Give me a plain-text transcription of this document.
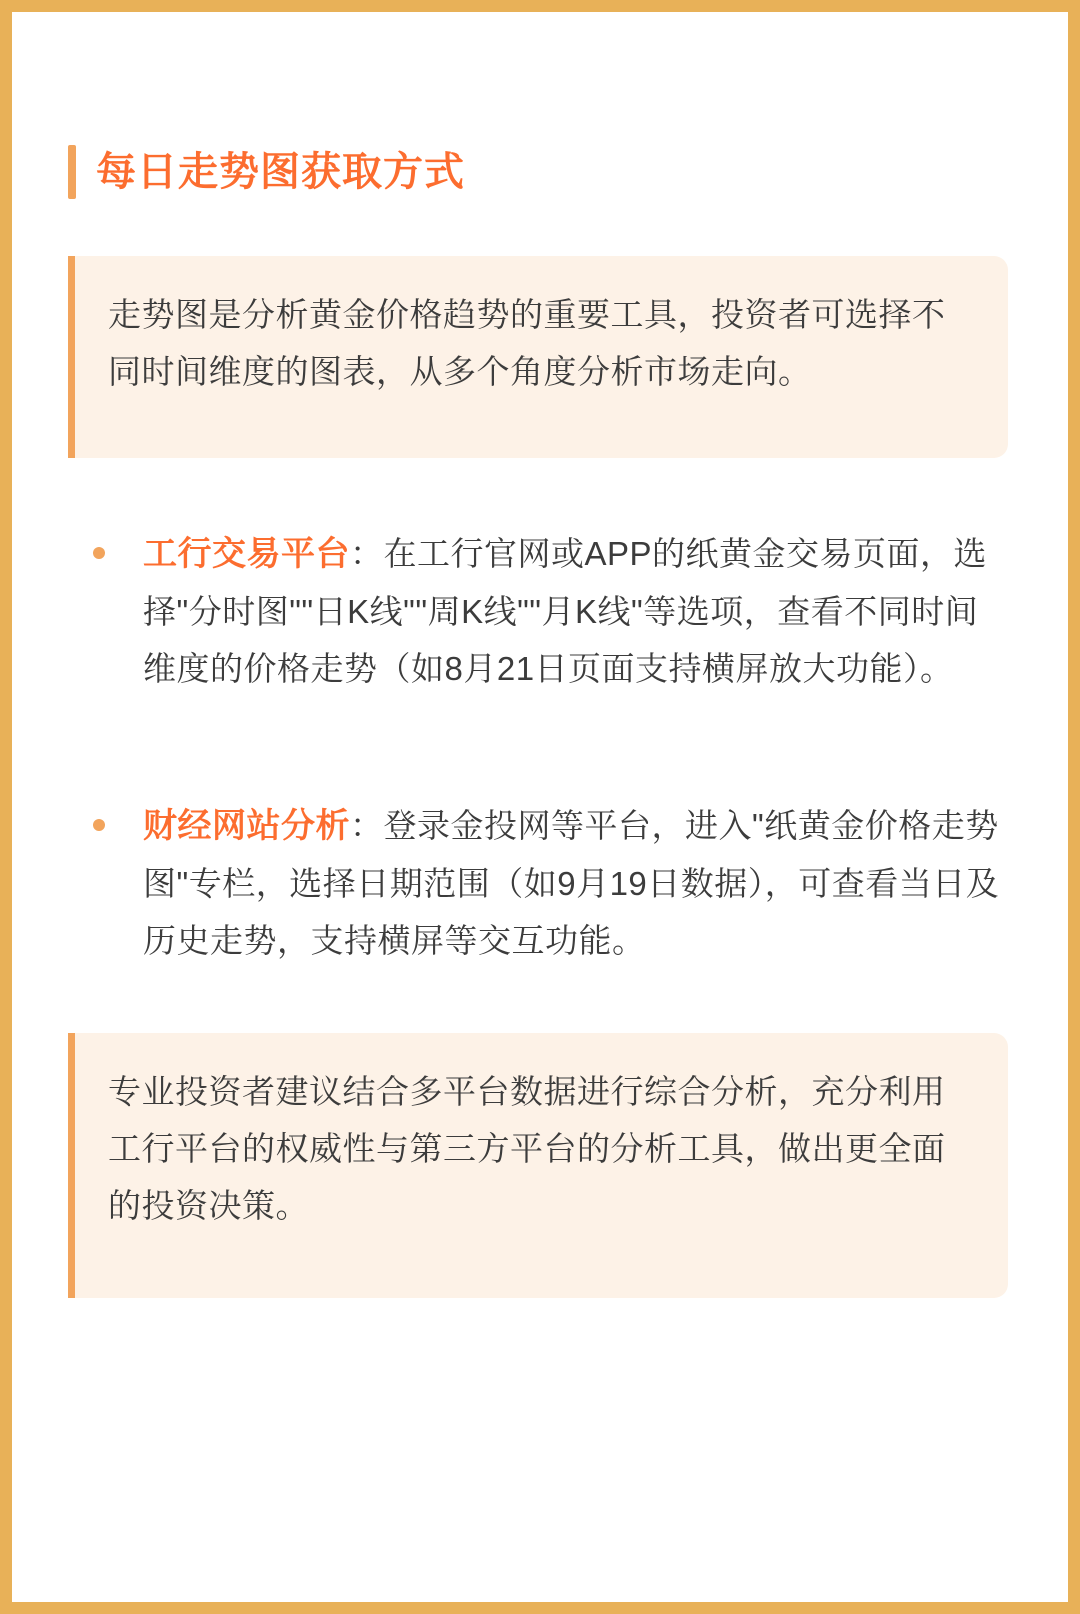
每日走势图获取方式

走势图是分析黄金价格趋势的重要工具，投资者可选择不同时间维度的图表，从多个角度分析市场走向。

工行交易平台：在工行官网或APP的纸黄金交易页面，选择"分时图""日K线""周K线""月K线"等选项，查看不同时间维度的价格走势（如8月21日页面支持横屏放大功能）。

财经网站分析：登录金投网等平台，进入"纸黄金价格走势图"专栏，选择日期范围（如9月19日数据），可查看当日及历史走势，支持横屏等交互功能。

专业投资者建议结合多平台数据进行综合分析，充分利用工行平台的权威性与第三方平台的分析工具，做出更全面的投资决策。
